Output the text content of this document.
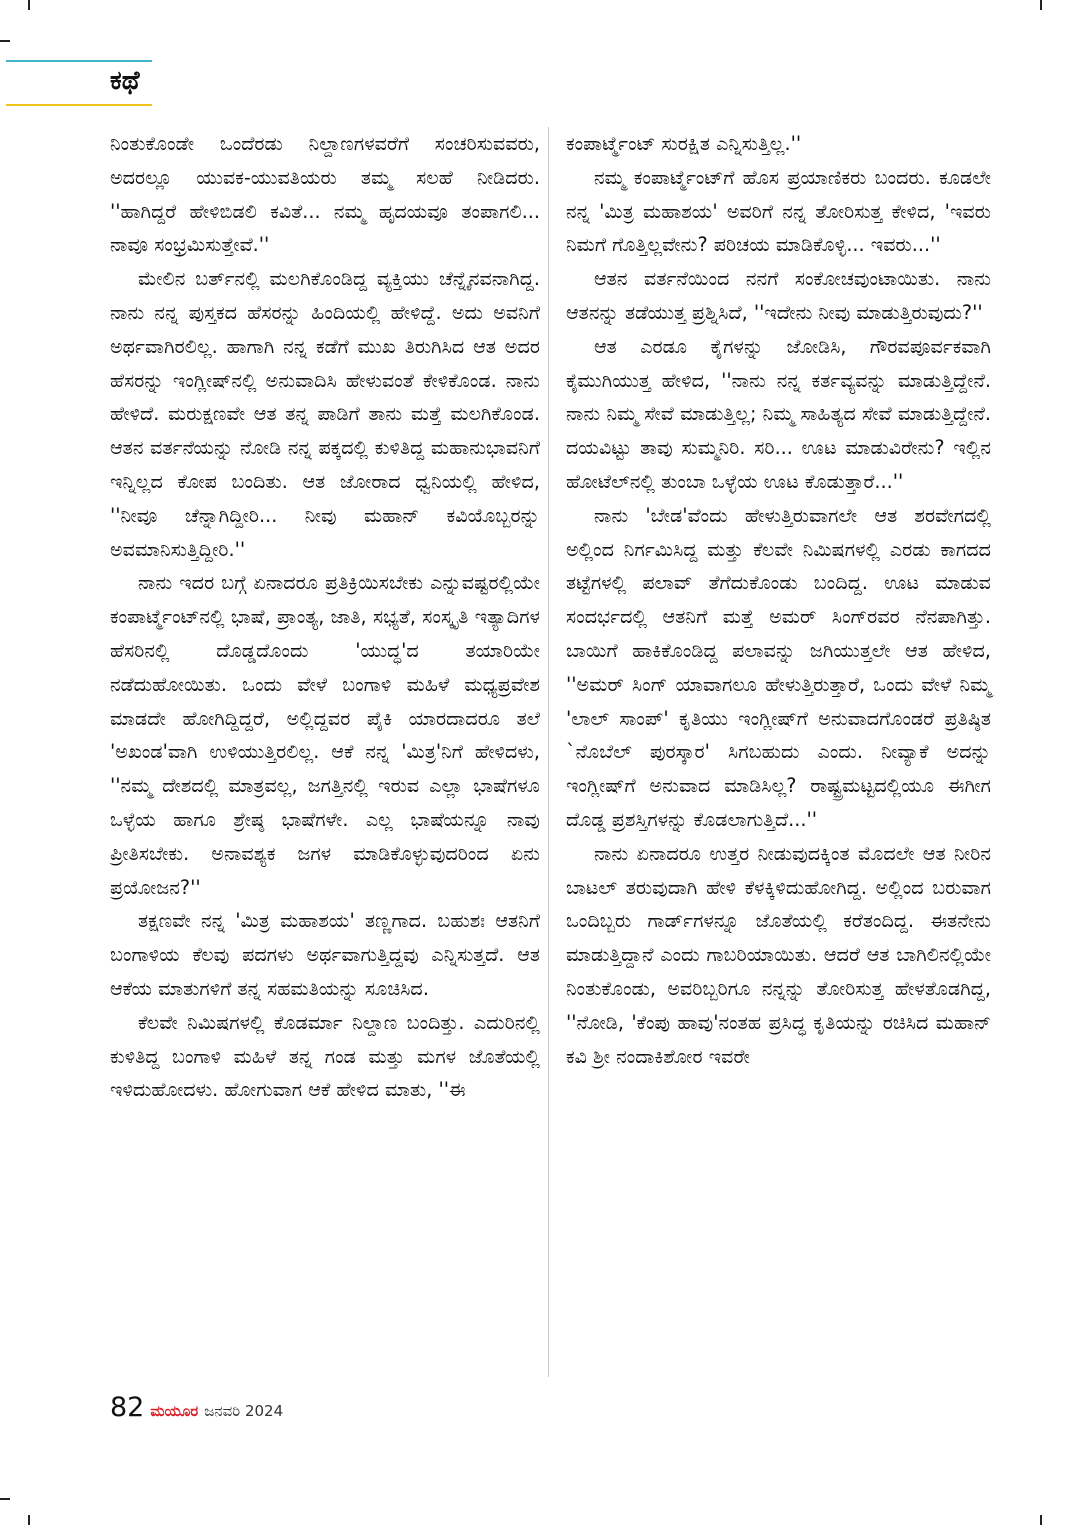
ಕಥೆ

ನಿಂತುಕೊಂಡೇ ಒಂದೆರಡು ನಿಲ್ದಾಣಗಳವರೆಗೆ ಸಂಚರಿಸುವವರು, ಅದರಲ್ಲೂ ಯುವಕ-ಯುವತಿಯರು ತಮ್ಮ ಸಲಹೆ ನೀಡಿದರು. ''ಹಾಗಿದ್ದರೆ ಹೇಳಿಬಿಡಲಿ ಕವಿತೆ... ನಮ್ಮ ಹೃದಯವೂ ತಂಪಾಗಲಿ... ನಾವೂ ಸಂಭ್ರಮಿಸುತ್ತೇವೆ.''

ಮೇಲಿನ ಬರ್ತ್‌ನಲ್ಲಿ ಮಲಗಿಕೊಂಡಿದ್ದ ವ್ಯಕ್ತಿಯು ಚೆನ್ನೈನವನಾಗಿದ್ದ. ನಾನು ನನ್ನ ಪುಸ್ತಕದ ಹೆಸರನ್ನು ಹಿಂದಿಯಲ್ಲಿ ಹೇಳಿದ್ದೆ. ಅದು ಅವನಿಗೆ ಅರ್ಥವಾಗಿರಲಿಲ್ಲ. ಹಾಗಾಗಿ ನನ್ನ ಕಡೆಗೆ ಮುಖ ತಿರುಗಿಸಿದ ಆತ ಅದರ ಹೆಸರನ್ನು ಇಂಗ್ಲೀಷ್‌ನಲ್ಲಿ ಅನುವಾದಿಸಿ ಹೇಳುವಂತೆ ಕೇಳಿಕೊಂಡ. ನಾನು ಹೇಳಿದೆ. ಮರುಕ್ಷಣವೇ ಆತ ತನ್ನ ಪಾಡಿಗೆ ತಾನು ಮತ್ತೆ ಮಲಗಿಕೊಂಡ. ಆತನ ವರ್ತನೆಯನ್ನು ನೋಡಿ ನನ್ನ ಪಕ್ಕದಲ್ಲಿ ಕುಳಿತಿದ್ದ ಮಹಾನುಭಾವನಿಗೆ ಇನ್ನಿಲ್ಲದ ಕೋಪ ಬಂದಿತು. ಆತ ಜೋರಾದ ಧ್ವನಿಯಲ್ಲಿ ಹೇಳಿದ, ''ನೀವೂ ಚೆನ್ನಾಗಿದ್ದೀರಿ... ನೀವು ಮಹಾನ್ ಕವಿಯೊಬ್ಬರನ್ನು ಅವಮಾನಿಸುತ್ತಿದ್ದೀರಿ.''

ನಾನು ಇದರ ಬಗ್ಗೆ ಏನಾದರೂ ಪ್ರತಿಕ್ರಿಯಿಸಬೇಕು ಎನ್ನುವಷ್ಟರಲ್ಲಿಯೇ ಕಂಪಾರ್ಟ್ಮೆಂಟ್‌ನಲ್ಲಿ ಭಾಷೆ, ಪ್ರಾಂತ್ಯ, ಜಾತಿ, ಸಭ್ಯತೆ, ಸಂಸ್ಕೃತಿ ಇತ್ಯಾದಿಗಳ ಹೆಸರಿನಲ್ಲಿ ದೊಡ್ಡದೊಂದು 'ಯುದ್ಧ'ದ ತಯಾರಿಯೇ ನಡೆದುಹೋಯಿತು. ಒಂದು ವೇಳೆ ಬಂಗಾಳಿ ಮಹಿಳೆ ಮಧ್ಯಪ್ರವೇಶ ಮಾಡದೇ ಹೋಗಿದ್ದಿದ್ದರೆ, ಅಲ್ಲಿದ್ದವರ ಪೈಕಿ ಯಾರದಾದರೂ ತಲೆ 'ಅಖಂಡ'ವಾಗಿ ಉಳಿಯುತ್ತಿರಲಿಲ್ಲ. ಆಕೆ ನನ್ನ 'ಮಿತ್ರ'ನಿಗೆ ಹೇಳಿದಳು, ''ನಮ್ಮ ದೇಶದಲ್ಲಿ ಮಾತ್ರವಲ್ಲ, ಜಗತ್ತಿನಲ್ಲಿ ಇರುವ ಎಲ್ಲಾ ಭಾಷೆಗಳೂ ಒಳ್ಳೆಯ ಹಾಗೂ ಶ್ರೇಷ್ಠ ಭಾಷೆಗಳೇ. ಎಲ್ಲ ಭಾಷೆಯನ್ನೂ ನಾವು ಪ್ರೀತಿಸಬೇಕು. ಅನಾವಶ್ಯಕ ಜಗಳ ಮಾಡಿಕೊಳ್ಳುವುದರಿಂದ ಏನು ಪ್ರಯೋಜನ?''

ತಕ್ಷಣವೇ ನನ್ನ 'ಮಿತ್ರ ಮಹಾಶಯ' ತಣ್ಣಗಾದ. ಬಹುಶಃ ಆತನಿಗೆ ಬಂಗಾಳಿಯ ಕೆಲವು ಪದಗಳು ಅರ್ಥವಾಗುತ್ತಿದ್ದವು ಎನ್ನಿಸುತ್ತದೆ. ಆತ ಆಕೆಯ ಮಾತುಗಳಿಗೆ ತನ್ನ ಸಹಮತಿಯನ್ನು ಸೂಚಿಸಿದ.

ಕೆಲವೇ ನಿಮಿಷಗಳಲ್ಲಿ ಕೊಡರ್ಮಾ ನಿಲ್ದಾಣ ಬಂದಿತ್ತು. ಎದುರಿನಲ್ಲಿ ಕುಳಿತಿದ್ದ ಬಂಗಾಳಿ ಮಹಿಳೆ ತನ್ನ ಗಂಡ ಮತ್ತು ಮಗಳ ಜೊತೆಯಲ್ಲಿ ಇಳಿದುಹೋದಳು. ಹೋಗುವಾಗ ಆಕೆ ಹೇಳಿದ ಮಾತು, ''ಈ

ಕಂಪಾರ್ಟ್ಮೆಂಟ್ ಸುರಕ್ಷಿತ ಎನ್ನಿಸುತ್ತಿಲ್ಲ.''

ನಮ್ಮ ಕಂಪಾರ್ಟ್ಮೆಂಟ್‌ಗೆ ಹೊಸ ಪ್ರಯಾಣಿಕರು ಬಂದರು. ಕೂಡಲೇ ನನ್ನ 'ಮಿತ್ರ ಮಹಾಶಯ' ಅವರಿಗೆ ನನ್ನ ತೋರಿಸುತ್ತ ಕೇಳಿದ, 'ಇವರು ನಿಮಗೆ ಗೊತ್ತಿಲ್ಲವೇನು? ಪರಿಚಯ ಮಾಡಿಕೊಳ್ಳಿ... ಇವರು...''

ಆತನ ವರ್ತನೆಯಿಂದ ನನಗೆ ಸಂಕೋಚವುಂಟಾಯಿತು. ನಾನು ಆತನನ್ನು ತಡೆಯುತ್ತ ಪ್ರಶ್ನಿಸಿದೆ, ''ಇದೇನು ನೀವು ಮಾಡುತ್ತಿರುವುದು?''

ಆತ ಎರಡೂ ಕೈಗಳನ್ನು ಜೋಡಿಸಿ, ಗೌರವಪೂರ್ವಕವಾಗಿ ಕೈಮುಗಿಯುತ್ತ ಹೇಳಿದ, ''ನಾನು ನನ್ನ ಕರ್ತವ್ಯವನ್ನು ಮಾಡುತ್ತಿದ್ದೇನೆ. ನಾನು ನಿಮ್ಮ ಸೇವೆ ಮಾಡುತ್ತಿಲ್ಲ; ನಿಮ್ಮ ಸಾಹಿತ್ಯದ ಸೇವೆ ಮಾಡುತ್ತಿದ್ದೇನೆ. ದಯವಿಟ್ಟು ತಾವು ಸುಮ್ಮನಿರಿ. ಸರಿ... ಊಟ ಮಾಡುವಿರೇನು? ಇಲ್ಲಿನ ಹೋಟೆಲ್‌ನಲ್ಲಿ ತುಂಬಾ ಒಳ್ಳೆಯ ಊಟ ಕೊಡುತ್ತಾರೆ...''

ನಾನು 'ಬೇಡ'ವೆಂದು ಹೇಳುತ್ತಿರುವಾಗಲೇ ಆತ ಶರವೇಗದಲ್ಲಿ ಅಲ್ಲಿಂದ ನಿರ್ಗಮಿಸಿದ್ದ ಮತ್ತು ಕೆಲವೇ ನಿಮಿಷಗಳಲ್ಲಿ ಎರಡು ಕಾಗದದ ತಟ್ಟೆಗಳಲ್ಲಿ ಪಲಾವ್ ತೆಗೆದುಕೊಂಡು ಬಂದಿದ್ದ. ಊಟ ಮಾಡುವ ಸಂದರ್ಭದಲ್ಲಿ ಆತನಿಗೆ ಮತ್ತೆ ಅಮರ್ ಸಿಂಗ್‌ರವರ ನೆನಪಾಗಿತ್ತು. ಬಾಯಿಗೆ ಹಾಕಿಕೊಂಡಿದ್ದ ಪಲಾವನ್ನು ಜಗಿಯುತ್ತಲೇ ಆತ ಹೇಳಿದ, ''ಅಮರ್ ಸಿಂಗ್ ಯಾವಾಗಲೂ ಹೇಳುತ್ತಿರುತ್ತಾರೆ, ಒಂದು ವೇಳೆ ನಿಮ್ಮ 'ಲಾಲ್ ಸಾಂಪ್' ಕೃತಿಯು ಇಂಗ್ಲೀಷ್‌ಗೆ ಅನುವಾದಗೊಂಡರೆ ಪ್ರತಿಷ್ಠಿತ `ನೊಬೆಲ್ ಪುರಸ್ಕಾರ' ಸಿಗಬಹುದು ಎಂದು. ನೀವ್ಯಾಕೆ ಅದನ್ನು ಇಂಗ್ಲೀಷ್‌ಗೆ ಅನುವಾದ ಮಾಡಿಸಿಲ್ಲ? ರಾಷ್ಟ್ರಮಟ್ಟದಲ್ಲಿಯೂ ಈಗೀಗ ದೊಡ್ಡ ಪ್ರಶಸ್ತಿಗಳನ್ನು ಕೊಡಲಾಗುತ್ತಿದೆ...''

ನಾನು ಏನಾದರೂ ಉತ್ತರ ನೀಡುವುದಕ್ಕಿಂತ ಮೊದಲೇ ಆತ ನೀರಿನ ಬಾಟಲ್ ತರುವುದಾಗಿ ಹೇಳಿ ಕೆಳಕ್ಕಿಳಿದುಹೋಗಿದ್ದ. ಅಲ್ಲಿಂದ ಬರುವಾಗ ಒಂದಿಬ್ಬರು ಗಾರ್ಡ್‌ಗಳನ್ನೂ ಜೊತೆಯಲ್ಲಿ ಕರೆತಂದಿದ್ದ. ಈತನೇನು ಮಾಡುತ್ತಿದ್ದಾನೆ ಎಂದು ಗಾಬರಿಯಾಯಿತು. ಆದರೆ ಆತ ಬಾಗಿಲಿನಲ್ಲಿಯೇ ನಿಂತುಕೊಂಡು, ಅವರಿಬ್ಬರಿಗೂ ನನ್ನನ್ನು ತೋರಿಸುತ್ತ ಹೇಳತೊಡಗಿದ್ದ, ''ನೋಡಿ, 'ಕೆಂಪು ಹಾವು'ನಂತಹ ಪ್ರಸಿದ್ಧ ಕೃತಿಯನ್ನು ರಚಿಸಿದ ಮಹಾನ್ ಕವಿ ಶ್ರೀ ನಂದಾಕಿಶೋರ ಇವರೇ

82 ಮಯೂರ ಜನವರಿ 2024
